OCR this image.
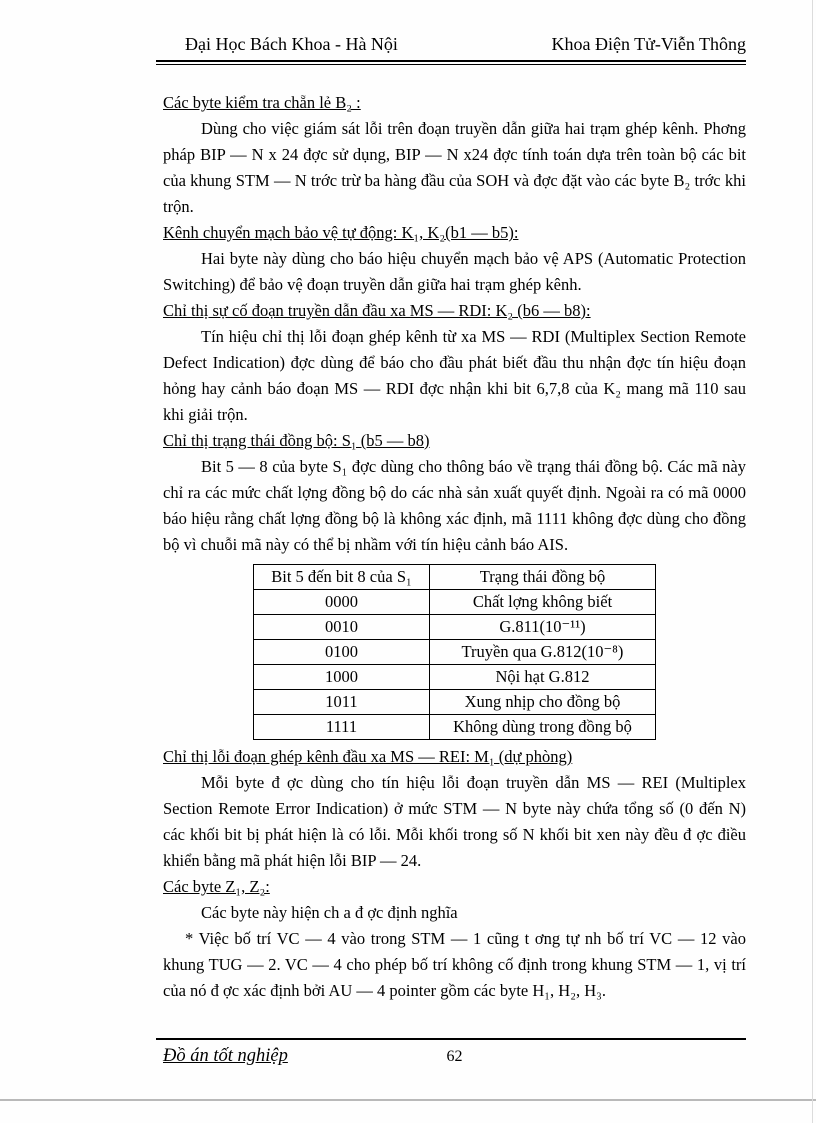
Đại Học Bách Khoa - Hà Nội	Khoa Điện Tử-Viễn Thông

Các byte kiểm tra chẵn lẻ B₂ :

Dùng cho việc giám sát lỗi trên đoạn truyền dẫn giữa hai trạm ghép kênh. Phơng pháp BIP — N x 24 đợc sử dụng, BIP — N x24 đợc tính toán dựa trên toàn bộ các bit của khung STM — N trớc trừ ba hàng đầu của SOH và đợc đặt vào các byte B₂ trớc khi trộn.

Kênh chuyển mạch bảo vệ tự động: K₁, K₂(b1 — b5):

Hai byte này dùng cho báo hiệu chuyển mạch bảo vệ APS (Automatic Protection Switching) để bảo vệ đoạn truyền dẫn giữa hai trạm ghép kênh.

Chỉ thị sự cố đoạn truyền dẫn đầu xa MS — RDI: K₂ (b6 — b8):

Tín hiệu chỉ thị lỗi đoạn ghép kênh từ xa MS — RDI (Multiplex Section Remote Defect Indication) đợc dùng để báo cho đầu phát biết đầu thu nhận đợc tín hiệu đoạn hỏng hay cảnh báo đoạn MS — RDI đợc nhận khi bit 6,7,8 của K₂ mang mã 110 sau khi giải trộn.

Chỉ thị trạng thái đồng bộ: S₁ (b5 — b8)

Bit 5 — 8 của byte S₁ đợc dùng cho thông báo về trạng thái đồng bộ. Các mã này chỉ ra các mức chất lợng đồng bộ do các nhà sản xuất quyết định. Ngoài ra có mã 0000 báo hiệu rằng chất lợng đồng bộ là không xác định, mã 1111 không đợc dùng cho đồng bộ vì chuỗi mã này có thể bị nhầm với tín hiệu cảnh báo AIS.

Bit 5 đến bit 8 của S₁	Trạng thái đồng bộ
0000	Chất lợng không biết
0010	G.811(10⁻¹¹)
0100	Truyền qua G.812(10⁻⁸)
1000	Nội hạt G.812
1011	Xung nhịp cho đồng bộ
1111	Không dùng trong đồng bộ

Chỉ thị lỗi đoạn ghép kênh đầu xa MS — REI: M₁ (dự phòng)

Mỗi byte đ ợc dùng cho tín hiệu lỗi đoạn truyền dẫn MS — REI (Multiplex Section Remote Error Indication) ở mức STM — N byte này chứa tổng số (0 đến N) các khối bit bị phát hiện là có lỗi. Mỗi khối trong số N khối bit xen này đều đ ợc điều khiển bằng mã phát hiện lỗi BIP — 24.

Các byte Z₁, Z₂:

Các byte này hiện ch a đ ợc định nghĩa

* Việc bố trí VC — 4 vào trong STM — 1 cũng t ơng tự nh bố trí VC — 12 vào khung TUG — 2. VC — 4 cho phép bố trí không cố định trong khung STM — 1, vị trí của nó đ ợc xác định bởi AU — 4 pointer gồm các byte H₁, H₂, H₃.

Đồ án tốt nghiệp	62
